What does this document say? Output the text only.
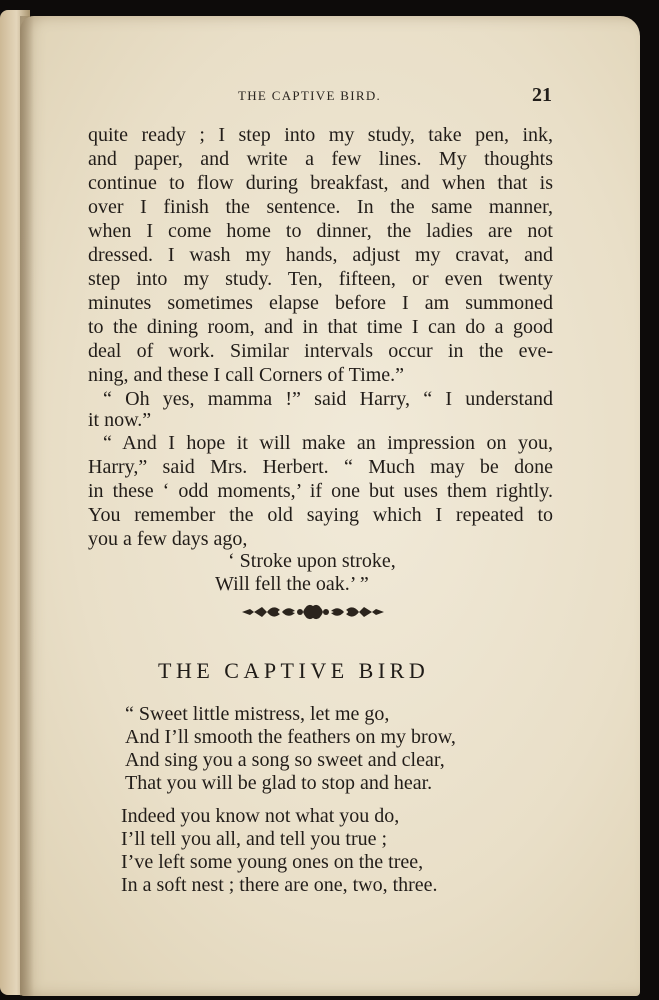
THE CAPTIVE BIRD.	21
quite ready ; I step into my study, take pen, ink,
and paper, and write a few lines. My thoughts
continue to flow during breakfast, and when that is
over I finish the sentence. In the same manner,
when I come home to dinner, the ladies are not
dressed. I wash my hands, adjust my cravat, and
step into my study. Ten, fifteen, or even twenty
minutes sometimes elapse before I am summoned
to the dining room, and in that time I can do a good
deal of work. Similar intervals occur in the eve-
ning, and these I call Corners of Time.”
“ Oh yes, mamma !” said Harry, “ I understand
it now.”
“ And I hope it will make an impression on you,
Harry,” said Mrs. Herbert. “ Much may be done
in these ‘ odd moments,’ if one but uses them rightly.
You remember the old saying which I repeated to
you a few days ago,
‘ Stroke upon stroke,
Will fell the oak.’ ”
THE CAPTIVE BIRD
“ Sweet little mistress, let me go,
And I’ll smooth the feathers on my brow,
And sing you a song so sweet and clear,
That you will be glad to stop and hear.
Indeed you know not what you do,
I’ll tell you all, and tell you true ;
I’ve left some young ones on the tree,
In a soft nest ; there are one, two, three.
